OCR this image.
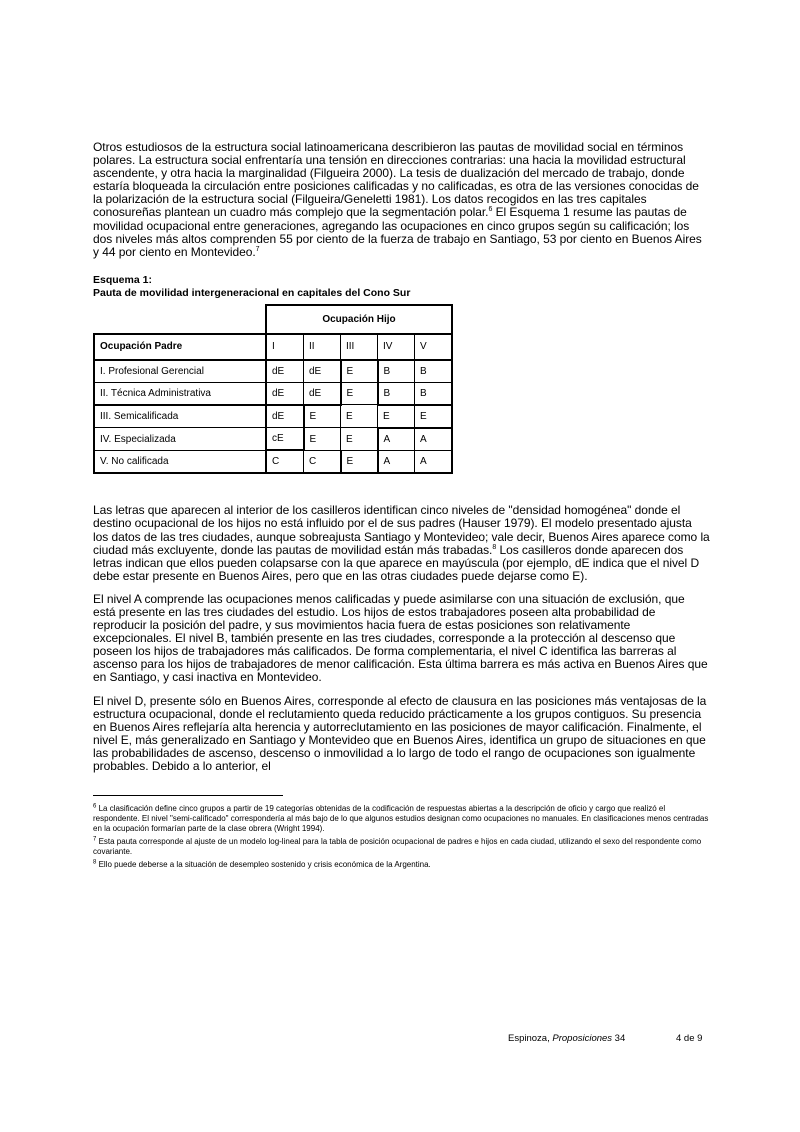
Otros estudiosos de la estructura social latinoamericana describieron las pautas de movilidad social en términos polares. La estructura social enfrentaría una tensión en direcciones contrarias: una hacia la movilidad estructural ascendente, y otra hacia la marginalidad (Filgueira 2000). La tesis de dualización del mercado de trabajo, donde estaría bloqueada la circulación entre posiciones calificadas y no calificadas, es otra de las versiones conocidas de la polarización de la estructura social (Filgueira/Geneletti 1981). Los datos recogidos en las tres capitales conosureñas plantean un cuadro más complejo que la segmentación polar.$^6$ El Esquema 1 resume las pautas de movilidad ocupacional entre generaciones, agregando las ocupaciones en cinco grupos según su calificación; los dos niveles más altos comprenden 55 por ciento de la fuerza de trabajo en Santiago, 53 por ciento en Buenos Aires y 44 por ciento en Montevideo.$^7$

Esquema 1:
Pauta de movilidad intergeneracional en capitales del Cono Sur
	Ocupación Hijo				
Ocupación Padre	I	II	III	IV	V
I. Profesional Gerencial	dE	dE	E	B	B
II. Técnica Administrativa	dE	dE	E	B	B
III. Semicalificada	dE	E	E	E	E
IV. Especializada	cE	E	E	A	A
V. No calificada	C	C	E	A	A

Las letras que aparecen al interior de los casilleros identifican cinco niveles de "densidad homogénea" donde el destino ocupacional de los hijos no está influido por el de sus padres (Hauser 1979). El modelo presentado ajusta los datos de las tres ciudades, aunque sobreajusta Santiago y Montevideo; vale decir, Buenos Aires aparece como la ciudad más excluyente, donde las pautas de movilidad están más trabadas.$^8$ Los casilleros donde aparecen dos letras indican que ellos pueden colapsarse con la que aparece en mayúscula (por ejemplo, dE indica que el nivel D debe estar presente en Buenos Aires, pero que en las otras ciudades puede dejarse como E).

El nivel A comprende las ocupaciones menos calificadas y puede asimilarse con una situación de exclusión, que está presente en las tres ciudades del estudio. Los hijos de estos trabajadores poseen alta probabilidad de reproducir la posición del padre, y sus movimientos hacia fuera de estas posiciones son relativamente excepcionales. El nivel B, también presente en las tres ciudades, corresponde a la protección al descenso que poseen los hijos de trabajadores más calificados. De forma complementaria, el nivel C identifica las barreras al ascenso para los hijos de trabajadores de menor calificación. Esta última barrera es más activa en Buenos Aires que en Santiago, y casi inactiva en Montevideo.

El nivel D, presente sólo en Buenos Aires, corresponde al efecto de clausura en las posiciones más ventajosas de la estructura ocupacional, donde el reclutamiento queda reducido prácticamente a los grupos contiguos. Su presencia en Buenos Aires reflejaría alta herencia y autorreclutamiento en las posiciones de mayor calificación. Finalmente, el nivel E, más generalizado en Santiago y Montevideo que en Buenos Aires, identifica un grupo de situaciones en que las probabilidades de ascenso, descenso o inmovilidad a lo largo de todo el rango de ocupaciones son igualmente probables. Debido a lo anterior, el

$^6$ La clasificación define cinco grupos a partir de 19 categorías obtenidas de la codificación de respuestas abiertas a la descripción de oficio y cargo que realizó el respondente. El nivel "semi-calificado" correspondería al más bajo de lo que algunos estudios designan como ocupaciones no manuales. En clasificaciones menos centradas en la ocupación formarían parte de la clase obrera (Wright 1994).
$^7$ Esta pauta corresponde al ajuste de un modelo log-lineal para la tabla de posición ocupacional de padres e hijos en cada ciudad, utilizando el sexo del respondente como covariante.
$^8$ Ello puede deberse a la situación de desempleo sostenido y crisis económica de la Argentina.
Espinoza, Proposiciones 34	4 de 9
